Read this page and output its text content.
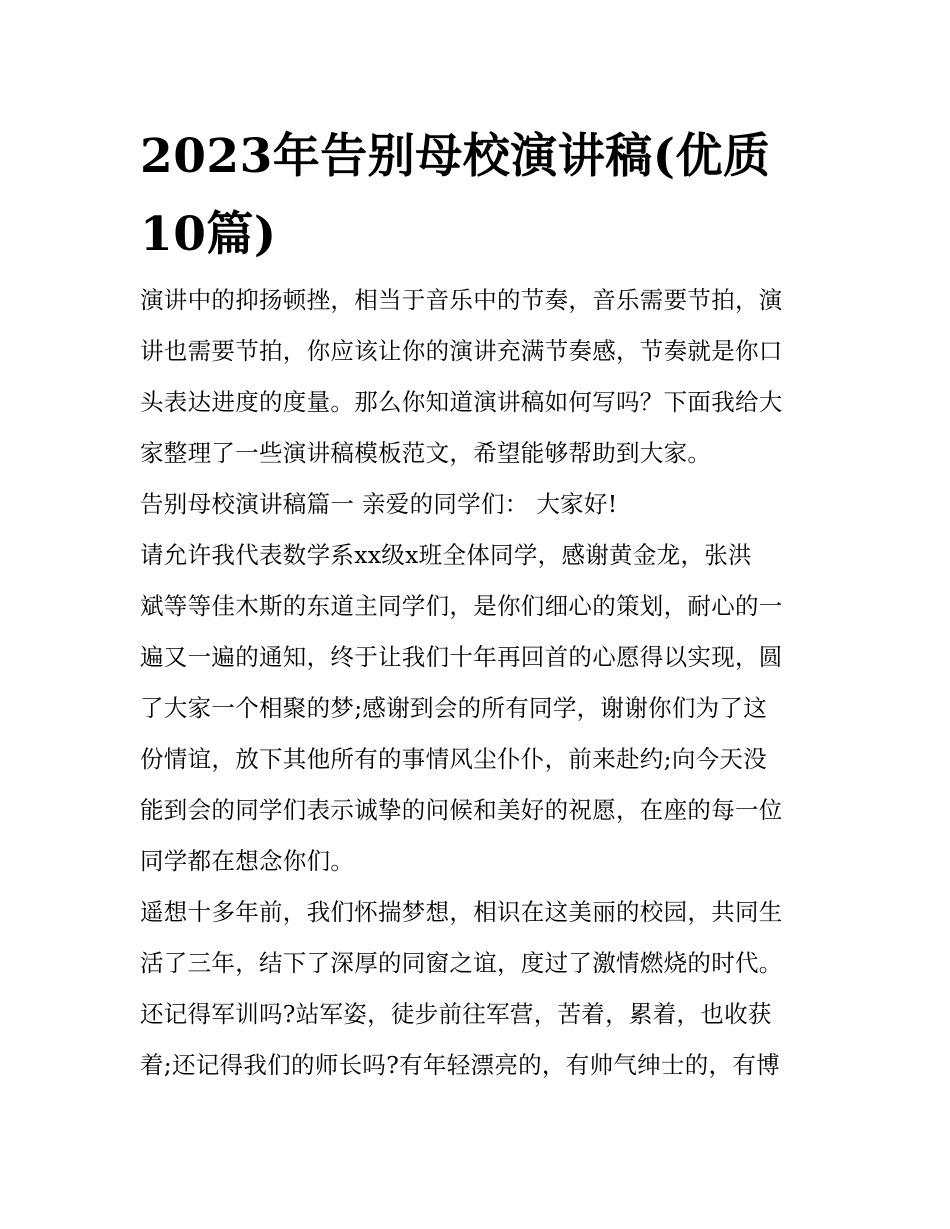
2023年告别母校演讲稿(优质
10篇)

演讲中的抑扬顿挫，相当于音乐中的节奏，音乐需要节拍，演

讲也需要节拍，你应该让你的演讲充满节奏感，节奏就是你口

头表达进度的度量。那么你知道演讲稿如何写吗？下面我给大

家整理了一些演讲稿模板范文，希望能够帮助到大家。

告别母校演讲稿篇一 亲爱的同学们： 大家好!

请允许我代表数学系xx级x班全体同学，感谢黄金龙，张洪

斌等等佳木斯的东道主同学们，是你们细心的策划，耐心的一

遍又一遍的通知，终于让我们十年再回首的心愿得以实现，圆

了大家一个相聚的梦;感谢到会的所有同学，谢谢你们为了这

份情谊，放下其他所有的事情风尘仆仆，前来赴约;向今天没

能到会的同学们表示诚挚的问候和美好的祝愿，在座的每一位

同学都在想念你们。

遥想十多年前，我们怀揣梦想，相识在这美丽的校园，共同生

活了三年，结下了深厚的同窗之谊，度过了激情燃烧的时代。

还记得军训吗?站军姿，徒步前往军营，苦着，累着，也收获

着;还记得我们的师长吗?有年轻漂亮的，有帅气绅士的，有博
